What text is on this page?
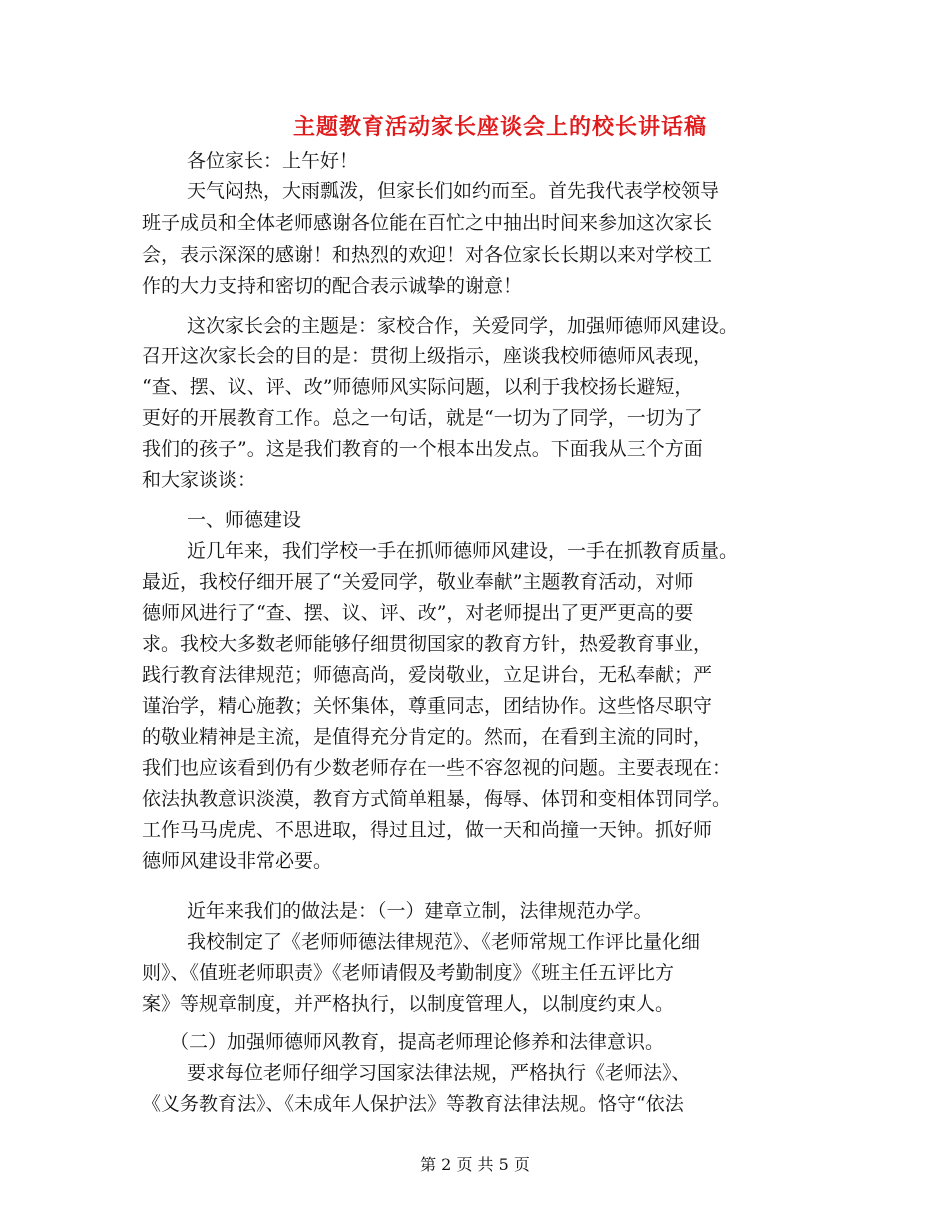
主题教育活动家长座谈会上的校长讲话稿
各位家长：上午好！
天气闷热，大雨瓢泼，但家长们如约而至。首先我代表学校领导
班子成员和全体老师感谢各位能在百忙之中抽出时间来参加这次家长
会，表示深深的感谢！和热烈的欢迎！对各位家长长期以来对学校工
作的大力支持和密切的配合表示诚挚的谢意！
这次家长会的主题是：家校合作，关爱同学，加强师德师风建设。
召开这次家长会的目的是：贯彻上级指示，座谈我校师德师风表现，
“查、摆、议、评、改”师德师风实际问题，以利于我校扬长避短，
更好的开展教育工作。总之一句话，就是“一切为了同学，一切为了
我们的孩子”。这是我们教育的一个根本出发点。下面我从三个方面
和大家谈谈：
一、师德建设
近几年来，我们学校一手在抓师德师风建设，一手在抓教育质量。
最近，我校仔细开展了“关爱同学，敬业奉献”主题教育活动，对师
德师风进行了“查、摆、议、评、改”，对老师提出了更严更高的要
求。我校大多数老师能够仔细贯彻国家的教育方针，热爱教育事业，
践行教育法律规范；师德高尚，爱岗敬业，立足讲台，无私奉献；严
谨治学，精心施教；关怀集体，尊重同志，团结协作。这些恪尽职守
的敬业精神是主流，是值得充分肯定的。然而，在看到主流的同时，
我们也应该看到仍有少数老师存在一些不容忽视的问题。主要表现在：
依法执教意识淡漠，教育方式简单粗暴，侮辱、体罚和变相体罚同学。
工作马马虎虎、不思进取，得过且过，做一天和尚撞一天钟。抓好师
德师风建设非常必要。
近年来我们的做法是：（一）建章立制，法律规范办学。
我校制定了《老师师德法律规范》、《老师常规工作评比量化细
则》、《值班老师职责》《老师请假及考勤制度》《班主任五评比方
案》等规章制度，并严格执行，以制度管理人，以制度约束人。
（二）加强师德师风教育，提高老师理论修养和法律意识。
要求每位老师仔细学习国家法律法规，严格执行《老师法》、
《义务教育法》、《未成年人保护法》等教育法律法规。恪守“依法
第 2 页 共 5 页
